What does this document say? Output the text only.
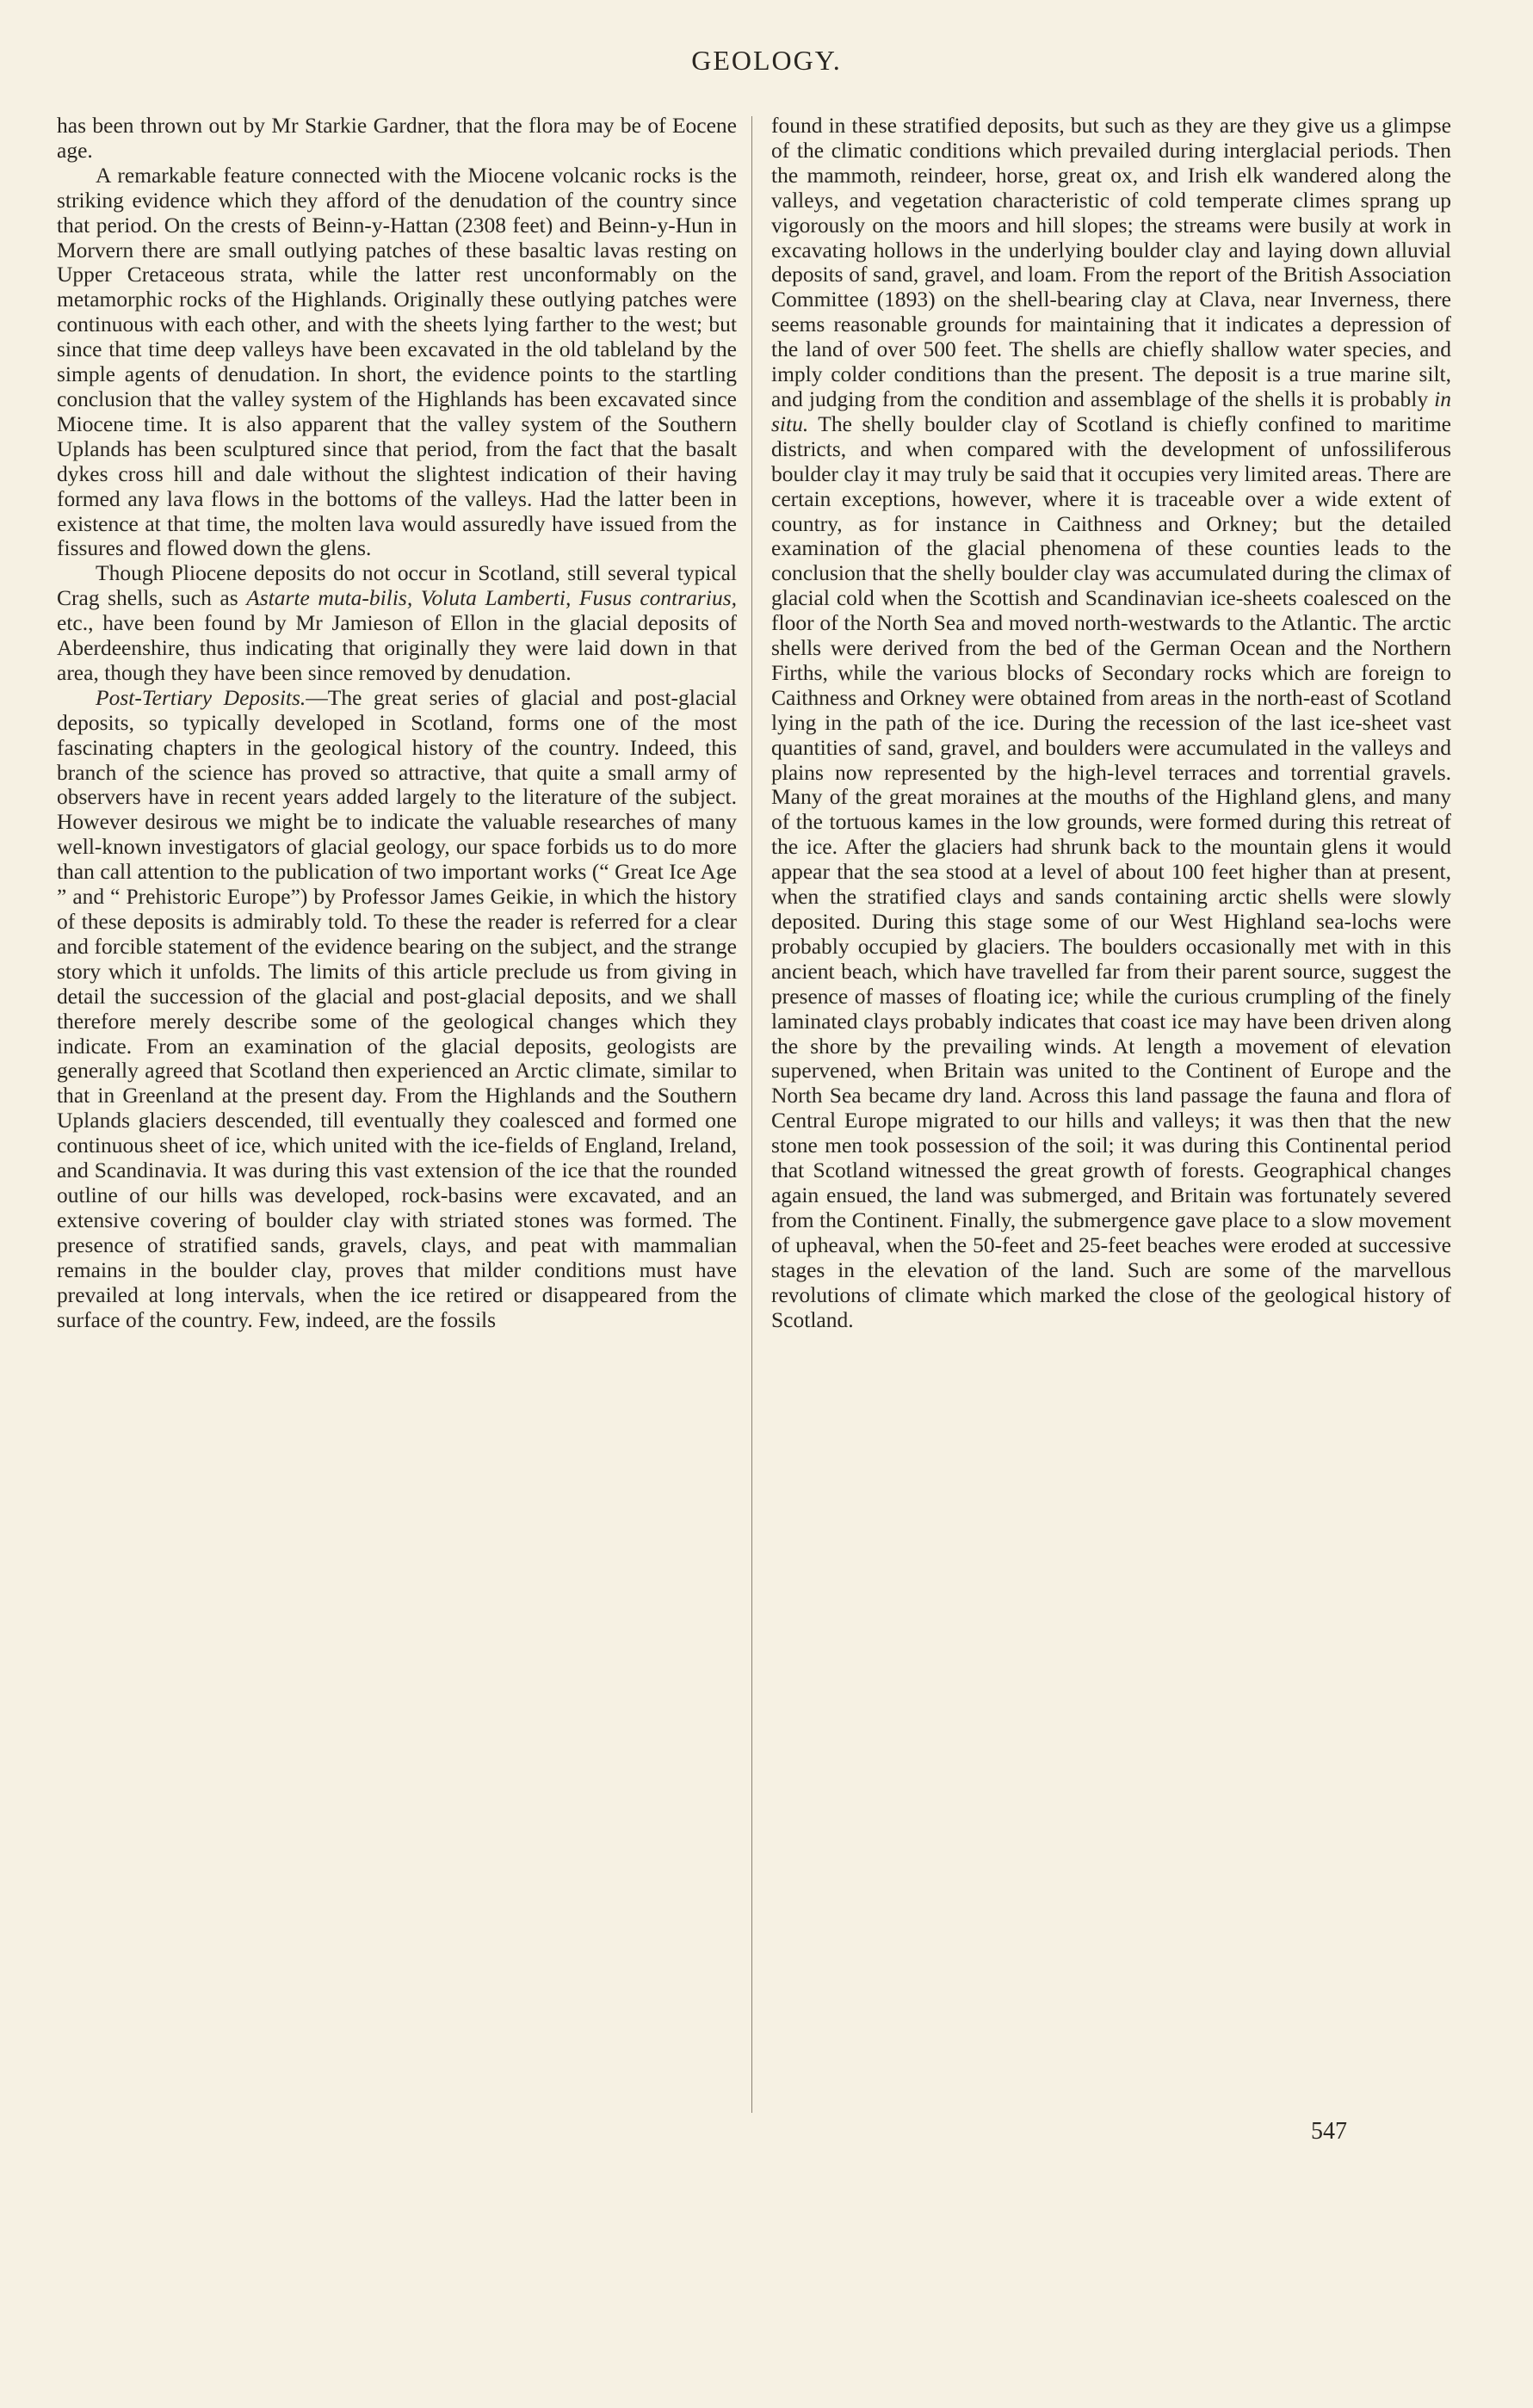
GEOLOGY.

has been thrown out by Mr Starkie Gardner, that the flora may be of Eocene age.

A remarkable feature connected with the Miocene volcanic rocks is the striking evidence which they afford of the denudation of the country since that period. On the crests of Beinn-y-Hattan (2308 feet) and Beinn-y-Hun in Morvern there are small outlying patches of these basaltic lavas resting on Upper Cretaceous strata, while the latter rest unconformably on the metamorphic rocks of the Highlands. Originally these outlying patches were continuous with each other, and with the sheets lying farther to the west; but since that time deep valleys have been excavated in the old tableland by the simple agents of denudation. In short, the evidence points to the startling conclusion that the valley system of the Highlands has been excavated since Miocene time. It is also apparent that the valley system of the Southern Uplands has been sculptured since that period, from the fact that the basalt dykes cross hill and dale without the slightest indication of their having formed any lava flows in the bottoms of the valleys. Had the latter been in existence at that time, the molten lava would assuredly have issued from the fissures and flowed down the glens.

Though Pliocene deposits do not occur in Scotland, still several typical Crag shells, such as Astarte muta-bilis, Voluta Lamberti, Fusus contrarius, etc., have been found by Mr Jamieson of Ellon in the glacial deposits of Aberdeenshire, thus indicating that originally they were laid down in that area, though they have been since removed by denudation.

Post-Tertiary Deposits.—The great series of glacial and post-glacial deposits, so typically developed in Scotland, forms one of the most fascinating chapters in the geological history of the country. Indeed, this branch of the science has proved so attractive, that quite a small army of observers have in recent years added largely to the literature of the subject. However desirous we might be to indicate the valuable researches of many well-known investigators of glacial geology, our space forbids us to do more than call attention to the publication of two important works (“ Great Ice Age ” and “ Prehistoric Europe”) by Professor James Geikie, in which the history of these deposits is admirably told. To these the reader is referred for a clear and forcible statement of the evidence bearing on the subject, and the strange story which it unfolds. The limits of this article preclude us from giving in detail the succession of the glacial and post-glacial deposits, and we shall therefore merely describe some of the geological changes which they indicate. From an examination of the glacial deposits, geologists are generally agreed that Scotland then experienced an Arctic climate, similar to that in Greenland at the present day. From the Highlands and the Southern Uplands glaciers descended, till eventually they coalesced and formed one continuous sheet of ice, which united with the ice-fields of England, Ireland, and Scandinavia. It was during this vast extension of the ice that the rounded outline of our hills was developed, rock-basins were excavated, and an extensive covering of boulder clay with striated stones was formed. The presence of stratified sands, gravels, clays, and peat with mammalian remains in the boulder clay, proves that milder conditions must have prevailed at long intervals, when the ice retired or disappeared from the surface of the country. Few, indeed, are the fossils

found in these stratified deposits, but such as they are they give us a glimpse of the climatic conditions which prevailed during interglacial periods. Then the mammoth, reindeer, horse, great ox, and Irish elk wandered along the valleys, and vegetation characteristic of cold temperate climes sprang up vigorously on the moors and hill slopes; the streams were busily at work in excavating hollows in the underlying boulder clay and laying down alluvial deposits of sand, gravel, and loam. From the report of the British Association Committee (1893) on the shell-bearing clay at Clava, near Inverness, there seems reasonable grounds for maintaining that it indicates a depression of the land of over 500 feet. The shells are chiefly shallow water species, and imply colder conditions than the present. The deposit is a true marine silt, and judging from the condition and assemblage of the shells it is probably in situ. The shelly boulder clay of Scotland is chiefly confined to maritime districts, and when compared with the development of unfossiliferous boulder clay it may truly be said that it occupies very limited areas. There are certain exceptions, however, where it is traceable over a wide extent of country, as for instance in Caithness and Orkney; but the detailed examination of the glacial phenomena of these counties leads to the conclusion that the shelly boulder clay was accumulated during the climax of glacial cold when the Scottish and Scandinavian ice-sheets coalesced on the floor of the North Sea and moved north-westwards to the Atlantic. The arctic shells were derived from the bed of the German Ocean and the Northern Firths, while the various blocks of Secondary rocks which are foreign to Caithness and Orkney were obtained from areas in the north-east of Scotland lying in the path of the ice. During the recession of the last ice-sheet vast quantities of sand, gravel, and boulders were accumulated in the valleys and plains now represented by the high-level terraces and torrential gravels. Many of the great moraines at the mouths of the Highland glens, and many of the tortuous kames in the low grounds, were formed during this retreat of the ice. After the glaciers had shrunk back to the mountain glens it would appear that the sea stood at a level of about 100 feet higher than at present, when the stratified clays and sands containing arctic shells were slowly deposited. During this stage some of our West Highland sea-lochs were probably occupied by glaciers. The boulders occasionally met with in this ancient beach, which have travelled far from their parent source, suggest the presence of masses of floating ice; while the curious crumpling of the finely laminated clays probably indicates that coast ice may have been driven along the shore by the prevailing winds. At length a movement of elevation supervened, when Britain was united to the Continent of Europe and the North Sea became dry land. Across this land passage the fauna and flora of Central Europe migrated to our hills and valleys; it was then that the new stone men took possession of the soil; it was during this Continental period that Scotland witnessed the great growth of forests. Geographical changes again ensued, the land was submerged, and Britain was fortunately severed from the Continent. Finally, the submergence gave place to a slow movement of upheaval, when the 50-feet and 25-feet beaches were eroded at successive stages in the elevation of the land. Such are some of the marvellous revolutions of climate which marked the close of the geological history of Scotland.

547
